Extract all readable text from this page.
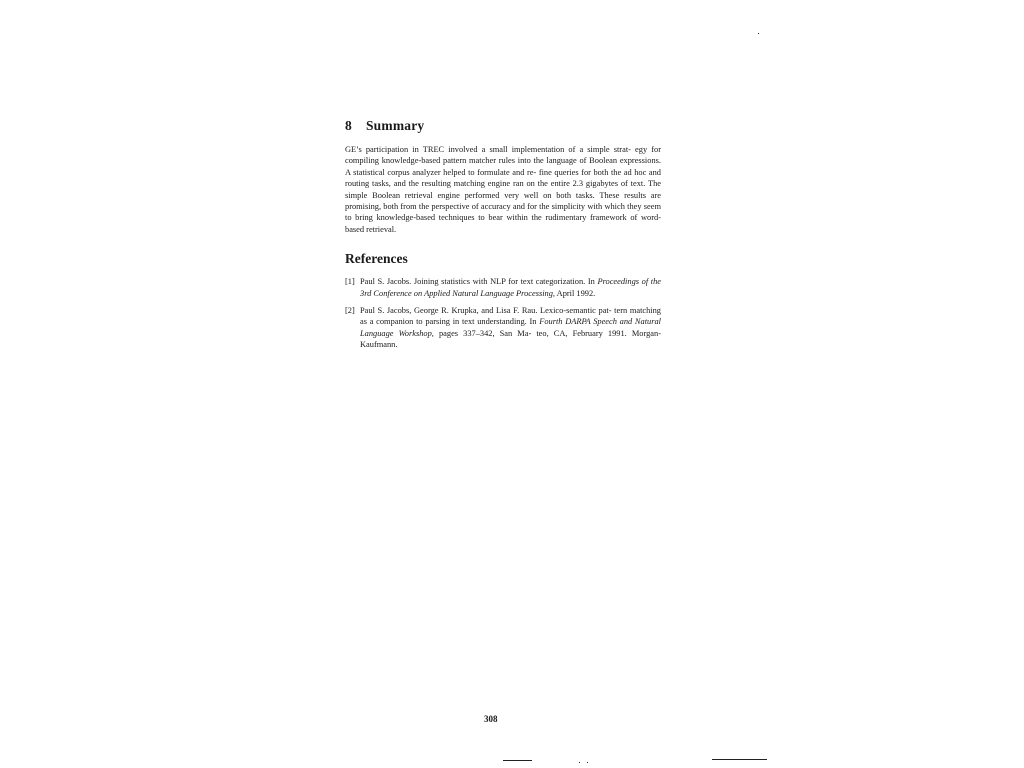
8 Summary

GE’s participation in TREC involved a small implementation of a simple strat- egy for compiling knowledge-based pattern matcher rules into the language of Boolean expressions. A statistical corpus analyzer helped to formulate and re- fine queries for both the ad hoc and routing tasks, and the resulting matching engine ran on the entire 2.3 gigabytes of text. The simple Boolean retrieval engine performed very well on both tasks. These results are promising, both from the perspective of accuracy and for the simplicity with which they seem to bring knowledge-based techniques to bear within the rudimentary framework of word-based retrieval.

References
[1] Paul S. Jacobs. Joining statistics with NLP for text categorization. In Proceedings of the 3rd Conference on Applied Natural Language Processing, April 1992.
[2] Paul S. Jacobs, George R. Krupka, and Lisa F. Rau. Lexico-semantic pat- tern matching as a companion to parsing in text understanding. In Fourth DARPA Speech and Natural Language Workshop, pages 337–342, San Ma- teo, CA, February 1991. Morgan-Kaufmann.
308
